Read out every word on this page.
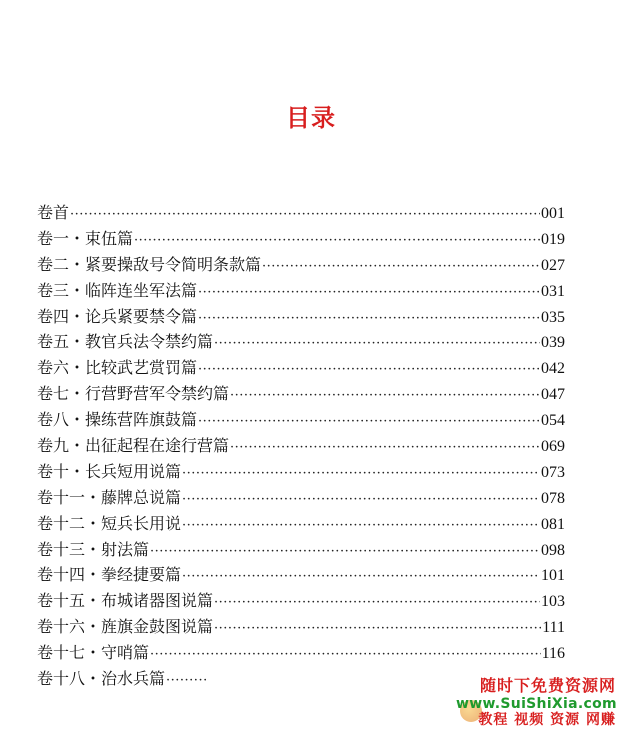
目录
卷首 ·····	001
卷一・束伍篇 ·····	019
卷二・紧要操敌号令简明条款篇 ·····	027
卷三・临阵连坐军法篇 ·····	031
卷四・论兵紧要禁令篇 ·····	035
卷五・教官兵法令禁约篇 ·····	039
卷六・比较武艺赏罚篇 ·····	042
卷七・行营野营军令禁约篇 ·····	047
卷八・操练营阵旗鼓篇 ·····	054
卷九・出征起程在途行营篇 ·····	069
卷十・长兵短用说篇 ·····	073
卷十一・藤牌总说篇 ·····	078
卷十二・短兵长用说 ·····	081
卷十三・射法篇 ·····	098
卷十四・拳经捷要篇 ·····	101
卷十五・布城诸器图说篇 ·····	103
卷十六・旌旗金鼓图说篇 ·····	111
卷十七・守哨篇 ·····	116
卷十八・治水兵篇 ·····	随时下免费资源网
www.SuiShiXia.com
教程 视频 资源 网赚
